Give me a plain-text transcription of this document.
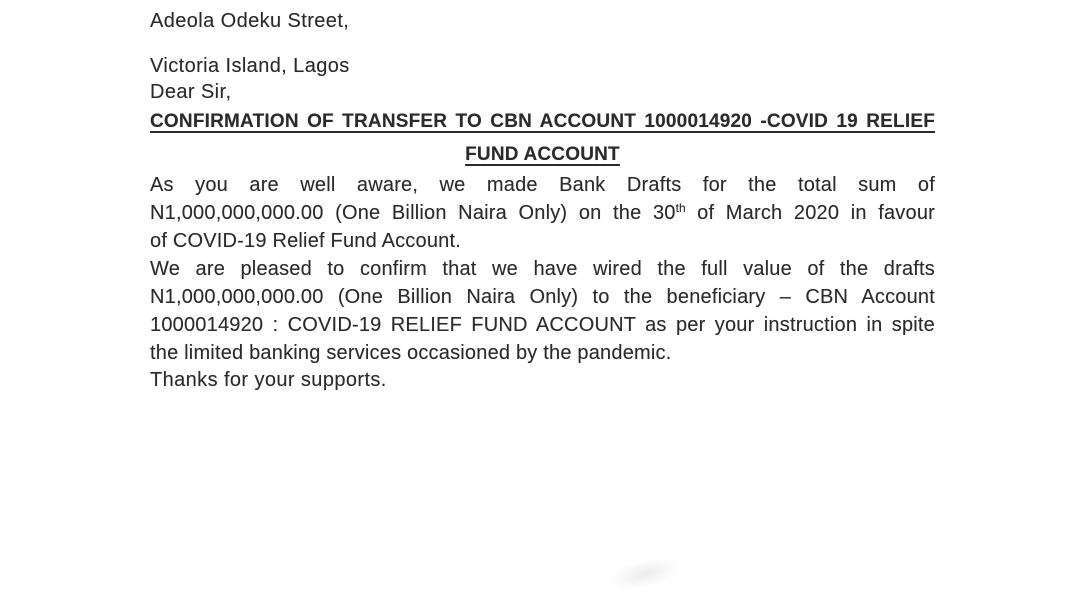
Adeola Odeku Street,
Victoria Island, Lagos
Dear Sir,
CONFIRMATION OF TRANSFER TO CBN ACCOUNT 1000014920 -COVID 19 RELIEF
FUND ACCOUNT
As you are well aware, we made Bank Drafts for the total sum of
N1,000,000,000.00 (One Billion Naira Only) on the 30th of March 2020 in favour
of COVID-19 Relief Fund Account.
We are pleased to confirm that we have wired the full value of the drafts
N1,000,000,000.00 (One Billion Naira Only) to the beneficiary – CBN Account
1000014920 : COVID-19 RELIEF FUND ACCOUNT as per your instruction in spite
the limited banking services occasioned by the pandemic.
Thanks for your supports.
